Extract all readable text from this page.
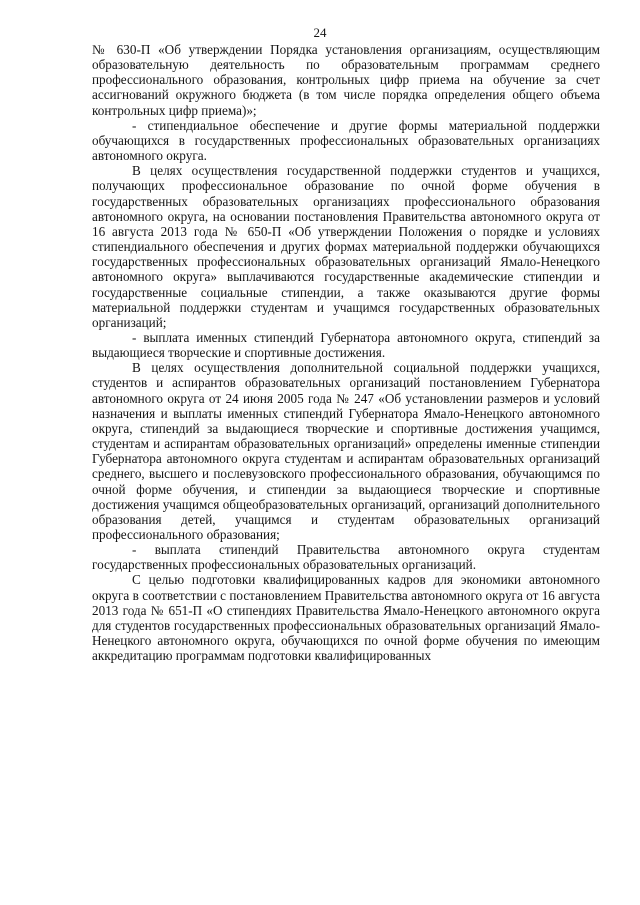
24

№ 630-П «Об утверждении Порядка установления организациям, осуществляющим образовательную деятельность по образовательным программам среднего профессионального образования, контрольных цифр приема на обучение за счет ассигнований окружного бюджета (в том числе порядка определения общего объема контрольных цифр приема)»;

- стипендиальное обеспечение и другие формы материальной поддержки обучающихся в государственных профессиональных образовательных организациях автономного округа.

В целях осуществления государственной поддержки студентов и учащихся, получающих профессиональное образование по очной форме обучения в государственных образовательных организациях профессионального образования автономного округа, на основании постановления Правительства автономного округа от 16 августа 2013 года № 650-П «Об утверждении Положения о порядке и условиях стипендиального обеспечения и других формах материальной поддержки обучающихся государственных профессиональных образовательных организаций Ямало-Ненецкого автономного округа» выплачиваются государственные академические стипендии и государственные социальные стипендии, а также оказываются другие формы материальной поддержки студентам и учащимся государственных образовательных организаций;

- выплата именных стипендий Губернатора автономного округа, стипендий за выдающиеся творческие и спортивные достижения.

В целях осуществления дополнительной социальной поддержки учащихся, студентов и аспирантов образовательных организаций постановлением Губернатора автономного округа от 24 июня 2005 года № 247 «Об установлении размеров и условий назначения и выплаты именных стипендий Губернатора Ямало-Ненецкого автономного округа, стипендий за выдающиеся творческие и спортивные достижения учащимся, студентам и аспирантам образовательных организаций» определены именные стипендии Губернатора автономного округа студентам и аспирантам образовательных организаций среднего, высшего и послевузовского профессионального образования, обучающимся по очной форме обучения, и стипендии за выдающиеся творческие и спортивные достижения учащимся общеобразовательных организаций, организаций дополнительного образования детей, учащимся и студентам образовательных организаций профессионального образования;

- выплата стипендий Правительства автономного округа студентам государственных профессиональных образовательных организаций.

С целью подготовки квалифицированных кадров для экономики автономного округа в соответствии с постановлением Правительства автономного округа от 16 августа 2013 года № 651-П «О стипендиях Правительства Ямало-Ненецкого автономного округа для студентов государственных профессиональных образовательных организаций Ямало-Ненецкого автономного округа, обучающихся по очной форме обучения по имеющим аккредитацию программам подготовки квалифицированных
